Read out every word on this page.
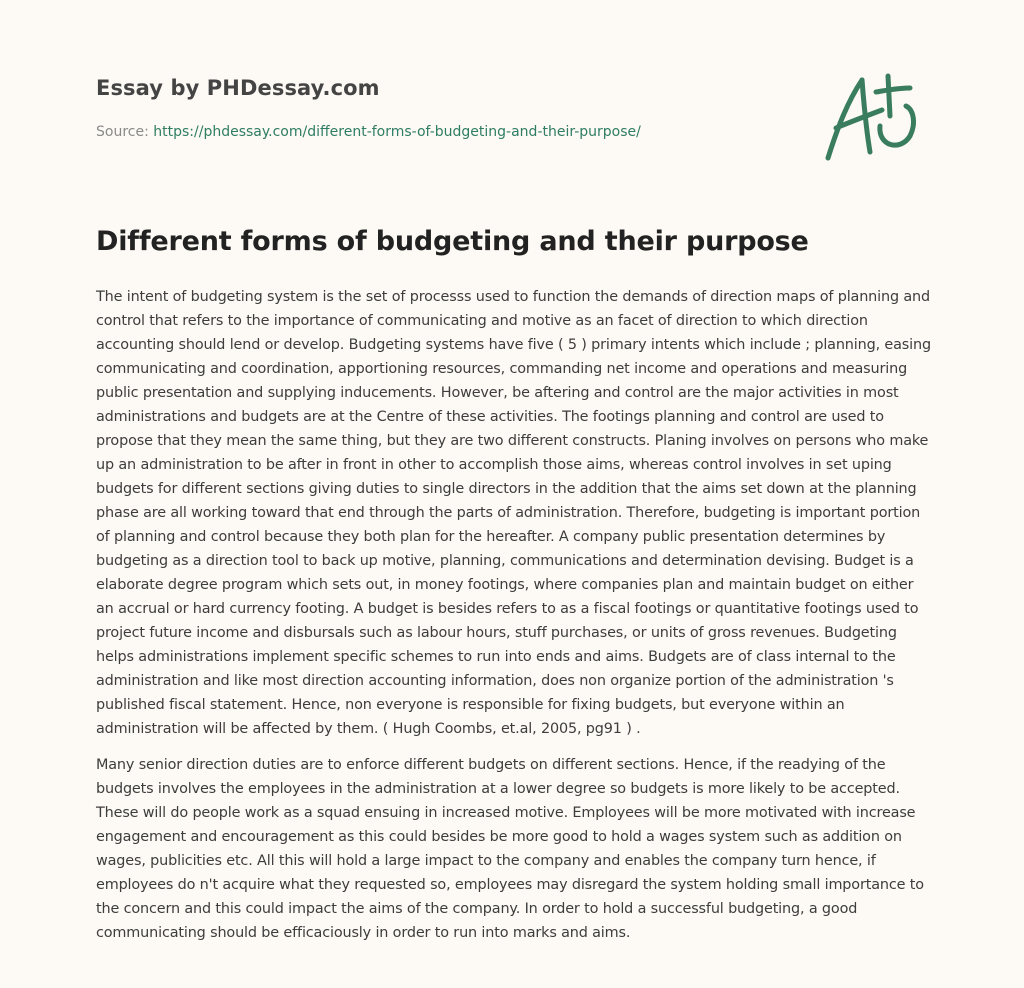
Essay by PHDessay.com
Source: https://phdessay.com/different-forms-of-budgeting-and-their-purpose/
Different forms of budgeting and their purpose

The intent of budgeting system is the set of processs used to function the demands of direction maps of planning and control that refers to the importance of communicating and motive as an facet of direction to which direction accounting should lend or develop. Budgeting systems have five ( 5 ) primary intents which include ; planning, easing communicating and coordination, apportioning resources, commanding net income and operations and measuring public presentation and supplying inducements. However, be aftering and control are the major activities in most administrations and budgets are at the Centre of these activities. The footings planning and control are used to propose that they mean the same thing, but they are two different constructs. Planing involves on persons who make up an administration to be after in front in other to accomplish those aims, whereas control involves in set uping budgets for different sections giving duties to single directors in the addition that the aims set down at the planning phase are all working toward that end through the parts of administration. Therefore, budgeting is important portion of planning and control because they both plan for the hereafter. A company public presentation determines by budgeting as a direction tool to back up motive, planning, communications and determination devising. Budget is a elaborate degree program which sets out, in money footings, where companies plan and maintain budget on either an accrual or hard currency footing. A budget is besides refers to as a fiscal footings or quantitative footings used to project future income and disbursals such as labour hours, stuff purchases, or units of gross revenues. Budgeting helps administrations implement specific schemes to run into ends and aims. Budgets are of class internal to the administration and like most direction accounting information, does non organize portion of the administration 's published fiscal statement. Hence, non everyone is responsible for fixing budgets, but everyone within an administration will be affected by them. ( Hugh Coombs, et.al, 2005, pg91 ) .

Many senior direction duties are to enforce different budgets on different sections. Hence, if the readying of the budgets involves the employees in the administration at a lower degree so budgets is more likely to be accepted. These will do people work as a squad ensuing in increased motive. Employees will be more motivated with increase engagement and encouragement as this could besides be more good to hold a wages system such as addition on wages, publicities etc. All this will hold a large impact to the company and enables the company turn hence, if employees do n't acquire what they requested so, employees may disregard the system holding small importance to the concern and this could impact the aims of the company. In order to hold a successful budgeting, a good communicating should be efficaciously in order to run into marks and aims.
